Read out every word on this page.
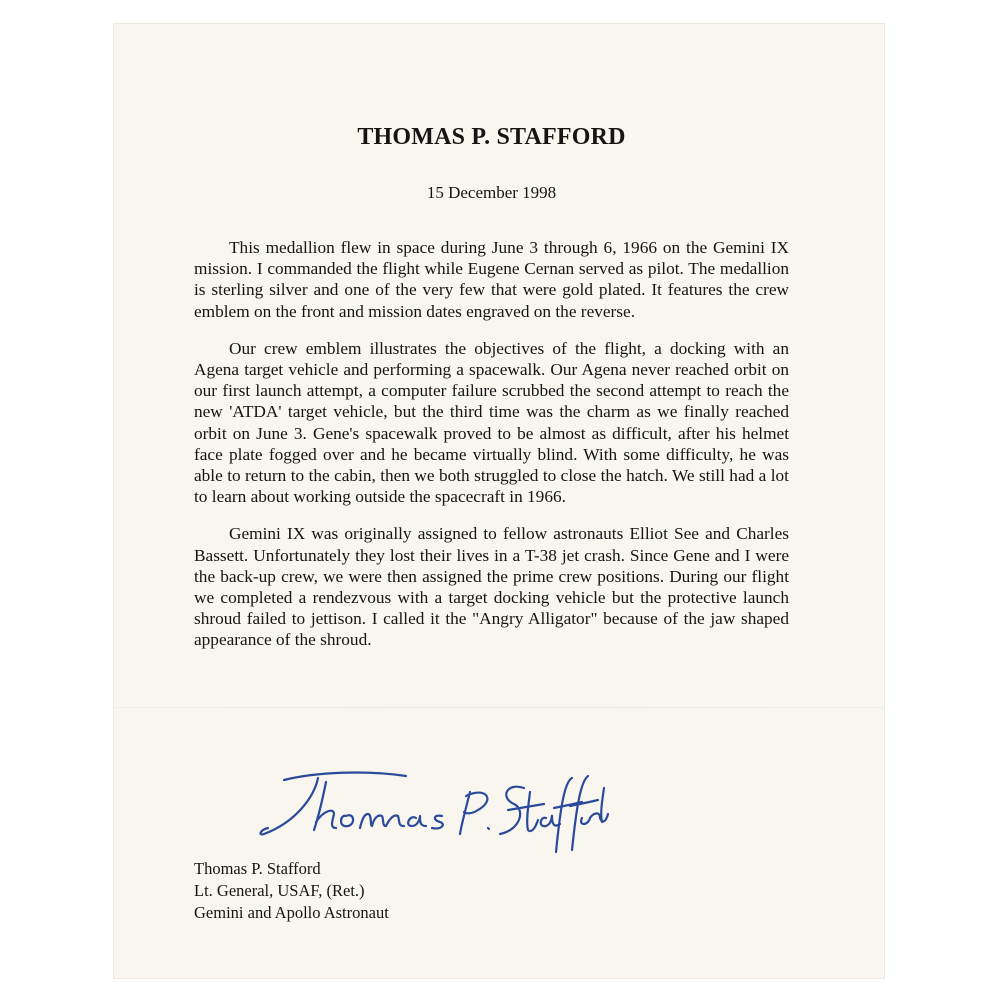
THOMAS P. STAFFORD
15 December 1998

This medallion flew in space during June 3 through 6, 1966 on the Gemini IX mission. I commanded the flight while Eugene Cernan served as pilot. The medallion is sterling silver and one of the very few that were gold plated. It features the crew emblem on the front and mission dates engraved on the reverse.

Our crew emblem illustrates the objectives of the flight, a docking with an Agena target vehicle and performing a spacewalk. Our Agena never reached orbit on our first launch attempt, a computer failure scrubbed the second attempt to reach the new 'ATDA' target vehicle, but the third time was the charm as we finally reached orbit on June 3. Gene's spacewalk proved to be almost as difficult, after his helmet face plate fogged over and he became virtually blind. With some difficulty, he was able to return to the cabin, then we both struggled to close the hatch. We still had a lot to learn about working outside the spacecraft in 1966.

Gemini IX was originally assigned to fellow astronauts Elliot See and Charles Bassett. Unfortunately they lost their lives in a T-38 jet crash. Since Gene and I were the back-up crew, we were then assigned the prime crew positions. During our flight we completed a rendezvous with a target docking vehicle but the protective launch shroud failed to jettison. I called it the "Angry Alligator" because of the jaw shaped appearance of the shroud.

Thomas P. Stafford
Lt. General, USAF, (Ret.)
Gemini and Apollo Astronaut
